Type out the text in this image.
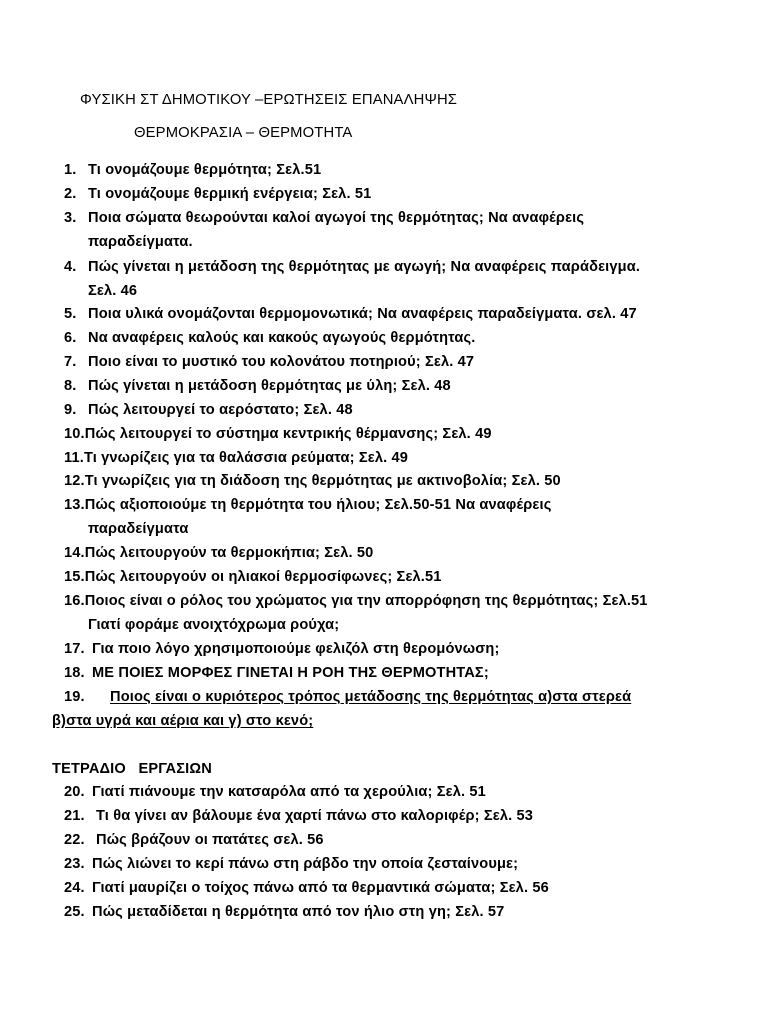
ΦΥΣΙΚΗ ΣΤ ΔΗΜΟΤΙΚΟΥ –ΕΡΩΤΗΣΕΙΣ ΕΠΑΝΑΛΗΨΗΣ
ΘΕΡΜΟΚΡΑΣΙΑ – ΘΕΡΜΟΤΗΤΑ
1. Τι ονομάζουμε θερμότητα; Σελ.51
2. Τι ονομάζουμε θερμική ενέργεια; Σελ. 51
3. Ποια σώματα θεωρούνται καλοί αγωγοί της θερμότητας; Να αναφέρεις
παραδείγματα.
4. Πώς γίνεται η μετάδοση της θερμότητας με αγωγή; Να αναφέρεις παράδειγμα.
Σελ. 46
5. Ποια υλικά ονομάζονται θερμομονωτικά; Να αναφέρεις παραδείγματα. σελ. 47
6. Να αναφέρεις καλούς και κακούς αγωγούς θερμότητας.
7. Ποιο είναι το μυστικό του κολονάτου ποτηριού; Σελ. 47
8. Πώς γίνεται η μετάδοση θερμότητας με ύλη; Σελ. 48
9. Πώς λειτουργεί το αερόστατο; Σελ. 48
10.Πώς λειτουργεί το σύστημα κεντρικής θέρμανσης; Σελ. 49
11.Τι γνωρίζεις για τα θαλάσσια ρεύματα; Σελ. 49
12.Τι γνωρίζεις για τη διάδοση της θερμότητας με ακτινοβολία; Σελ. 50
13.Πώς αξιοποιούμε τη θερμότητα του ήλιου; Σελ.50-51 Να αναφέρεις
παραδείγματα
14.Πώς λειτουργούν τα θερμοκήπια; Σελ. 50
15.Πώς λειτουργούν οι ηλιακοί θερμοσίφωνες; Σελ.51
16.Ποιος είναι ο ρόλος του χρώματος για την απορρόφηση της θερμότητας; Σελ.51
Γιατί φοράμε ανοιχτόχρωμα ρούχα;
17. Για ποιο λόγο χρησιμοποιούμε φελιζόλ στη θερομόνωση;
18. ΜΕ ΠΟΙΕΣ ΜΟΡΦΕΣ ΓΙΝΕΤΑΙ Η ΡΟΗ ΤΗΣ ΘΕΡΜΟΤΗΤΑΣ;
19. Ποιος είναι ο κυριότερος τρόπος μετάδοσης της θερμότητας α)στα στερεά
β)στα υγρά και αέρια και γ) στο κενό;
ΤΕΤΡΑΔΙΟ   ΕΡΓΑΣΙΩΝ
20. Γιατί πιάνουμε την κατσαρόλα από τα χερούλια; Σελ. 51
21. Τι θα γίνει αν βάλουμε ένα χαρτί πάνω στο καλοριφέρ; Σελ. 53
22. Πώς βράζουν οι πατάτες σελ. 56
23. Πώς λιώνει το κερί πάνω στη ράβδο την οποία ζεσταίνουμε;
24. Γιατί μαυρίζει ο τοίχος πάνω από τα θερμαντικά σώματα; Σελ. 56
25. Πώς μεταδίδεται η θερμότητα από τον ήλιο στη γη; Σελ. 57
